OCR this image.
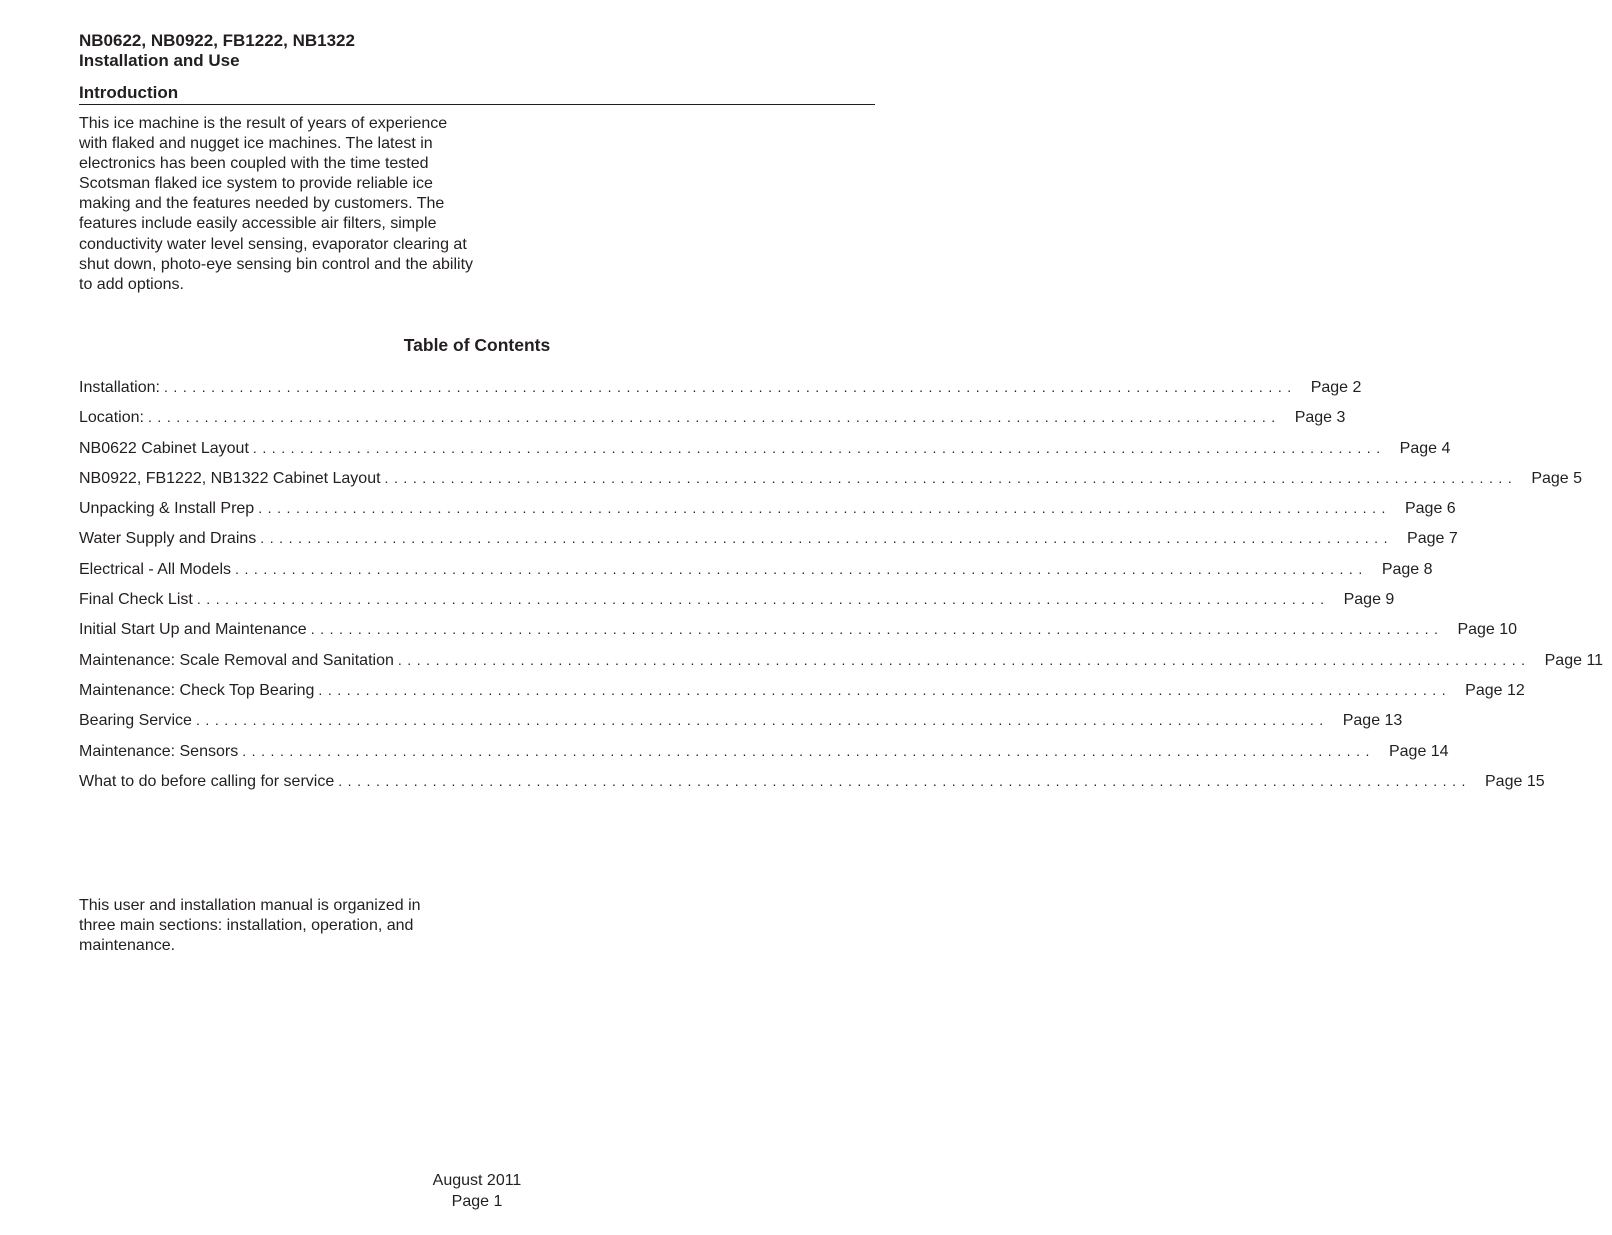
NB0622, NB0922, FB1222, NB1322
Installation and Use
Introduction

This ice machine is the result of years of experience with flaked and nugget ice machines. The latest in electronics has been coupled with the time tested Scotsman flaked ice system to provide reliable ice making and the features needed by customers. The features include easily accessible air filters, simple conductivity water level sensing, evaporator clearing at shut down, photo-eye sensing bin control and the ability to add options.

Table of Contents
Installation: ........................................................................................................................ Page 2
Location: ........................................................................................................................ Page 3
NB0622 Cabinet Layout ........................................................................................................................ Page 4
NB0922, FB1222, NB1322 Cabinet Layout ........................................................................................................................ Page 5
Unpacking & Install Prep ........................................................................................................................ Page 6
Water Supply and Drains ........................................................................................................................ Page 7
Electrical - All Models ........................................................................................................................ Page 8
Final Check List ........................................................................................................................ Page 9
Initial Start Up and Maintenance ........................................................................................................................ Page 10
Maintenance: Scale Removal and Sanitation ........................................................................................................................ Page 11
Maintenance: Check Top Bearing ........................................................................................................................ Page 12
Bearing Service ........................................................................................................................ Page 13
Maintenance: Sensors ........................................................................................................................ Page 14
What to do before calling for service ........................................................................................................................ Page 15

This user and installation manual is organized in three main sections: installation, operation, and maintenance.

August 2011
Page 1
